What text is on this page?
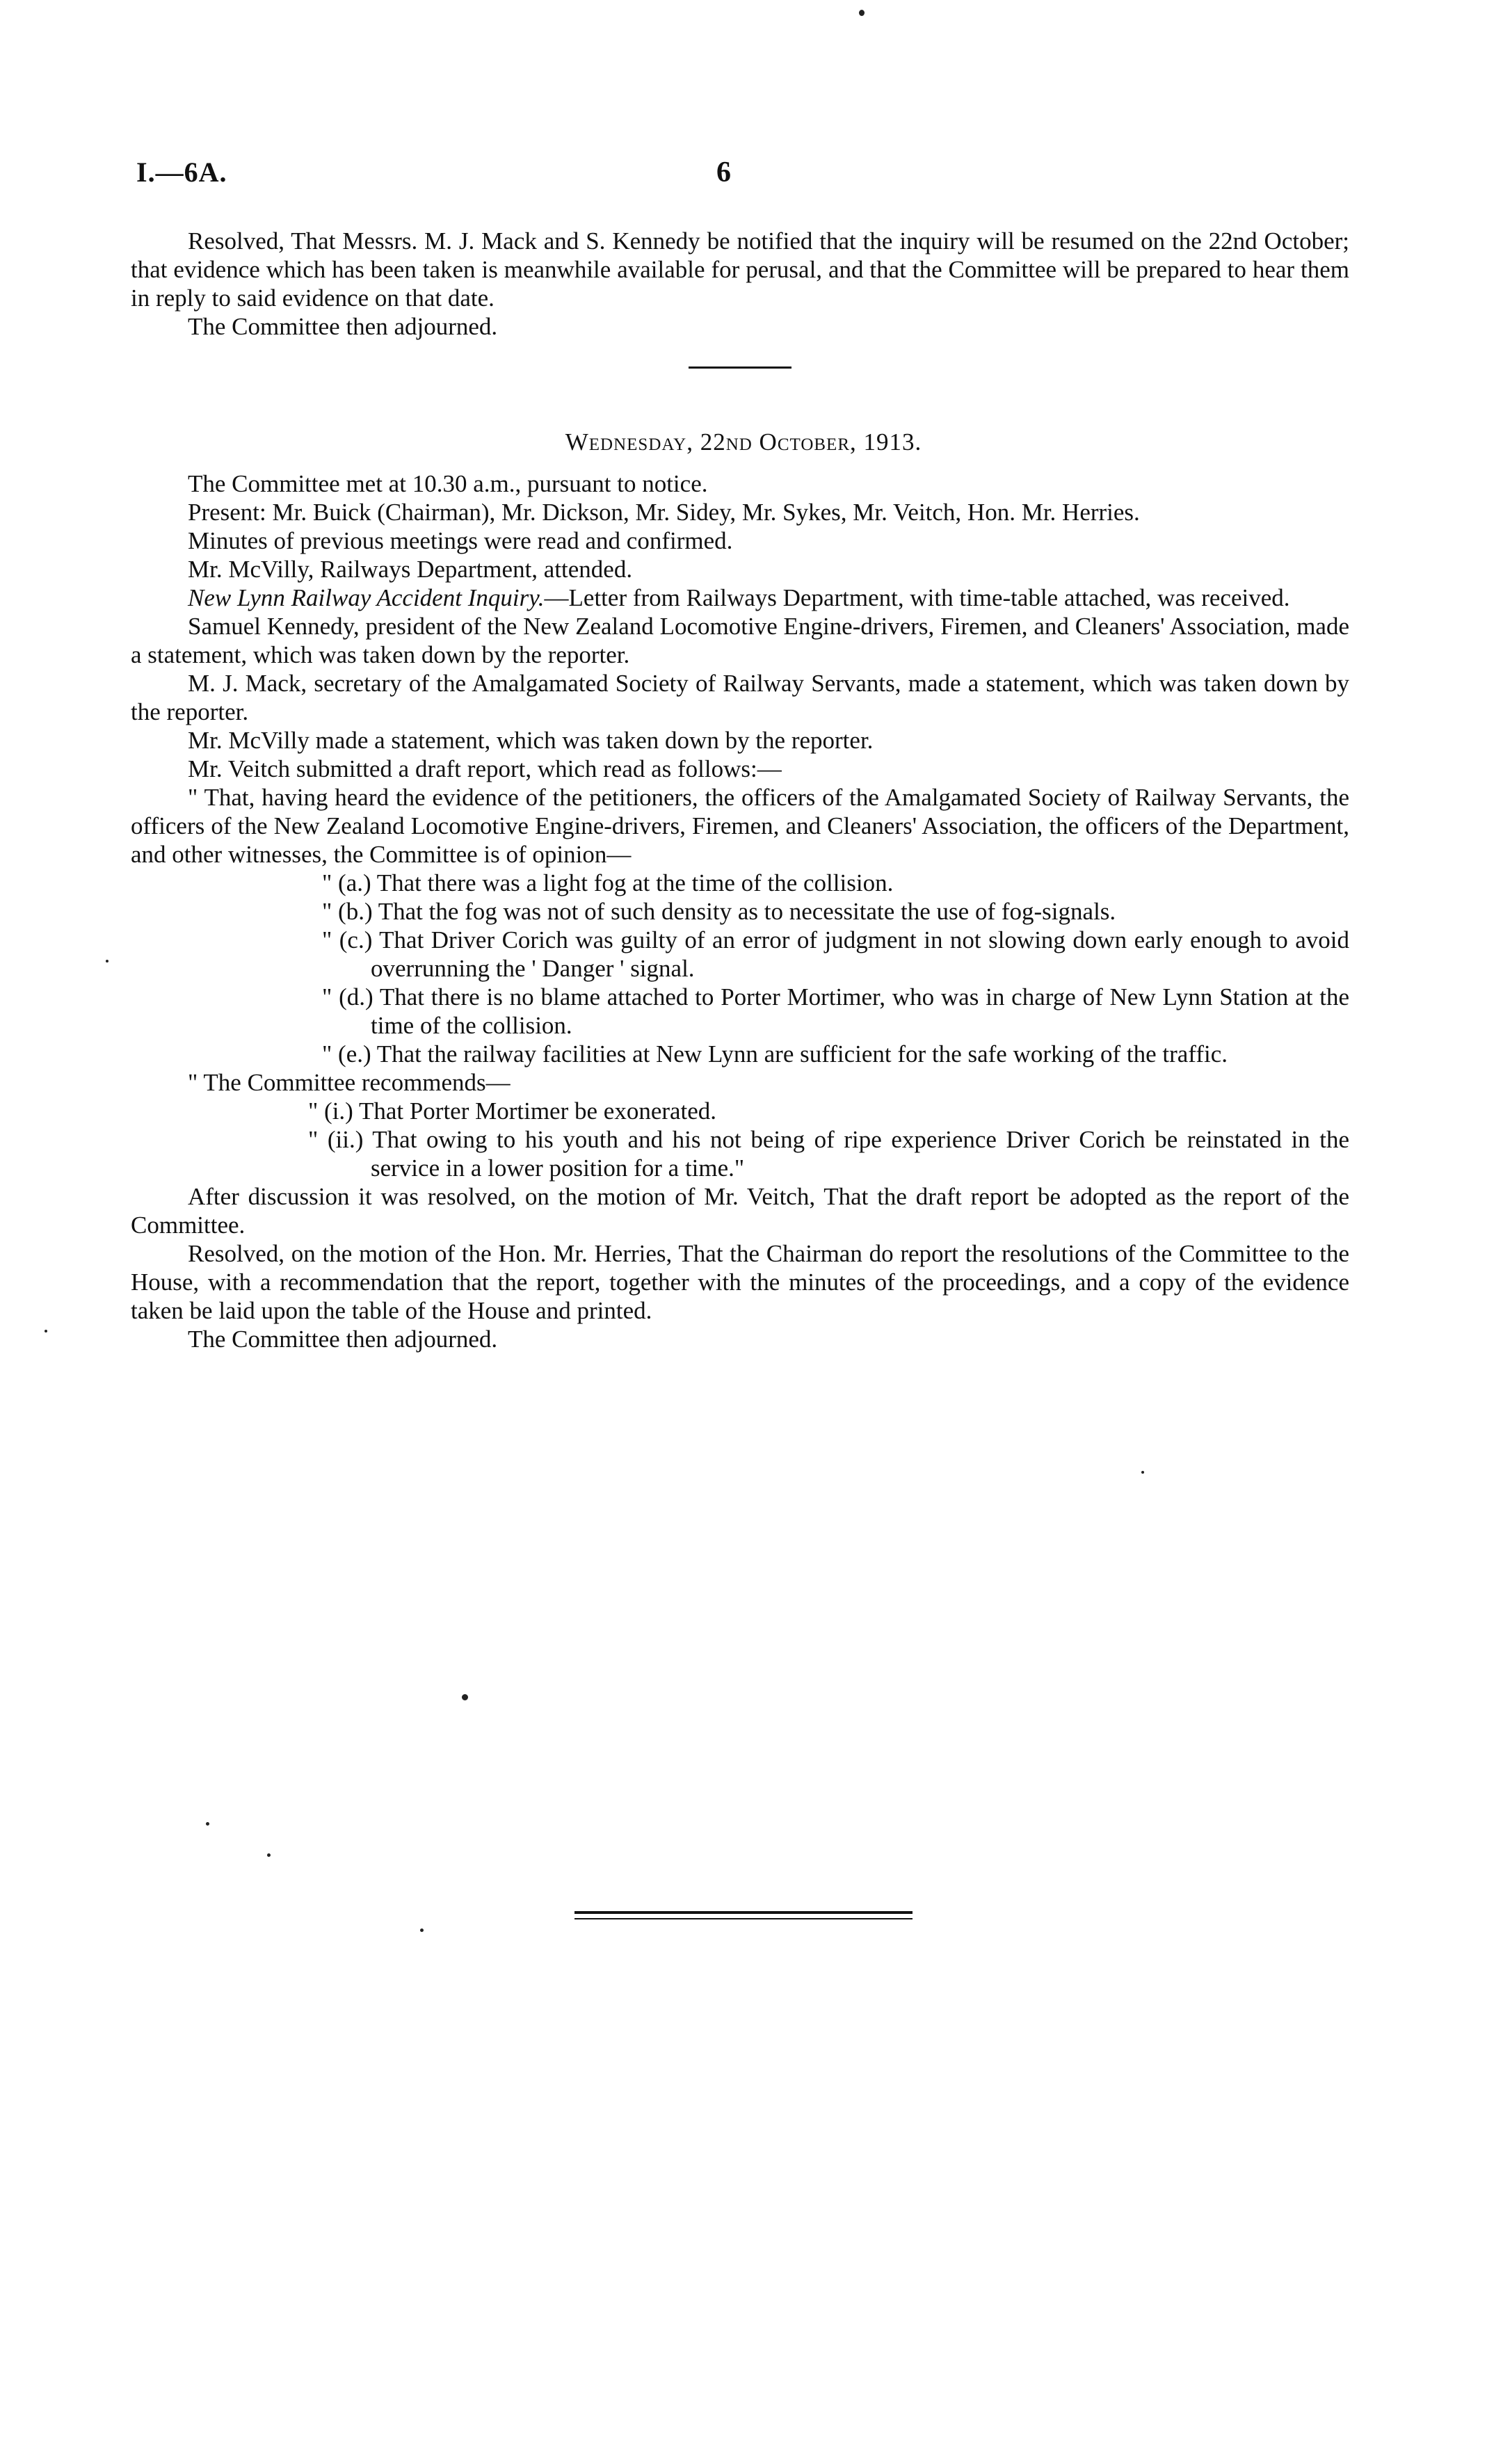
I.—6A.	6

Resolved, That Messrs. M. J. Mack and S. Kennedy be notified that the inquiry will be resumed on the 22nd October; that evidence which has been taken is meanwhile available for perusal, and that the Committee will be prepared to hear them in reply to said evidence on that date.

The Committee then adjourned.

Wednesday, 22nd October, 1913.

The Committee met at 10.30 a.m., pursuant to notice.

Present: Mr. Buick (Chairman), Mr. Dickson, Mr. Sidey, Mr. Sykes, Mr. Veitch, Hon. Mr. Herries.

Minutes of previous meetings were read and confirmed.

Mr. McVilly, Railways Department, attended.

New Lynn Railway Accident Inquiry.—Letter from Railways Department, with time-table attached, was received.

Samuel Kennedy, president of the New Zealand Locomotive Engine-drivers, Firemen, and Cleaners' Association, made a statement, which was taken down by the reporter.

M. J. Mack, secretary of the Amalgamated Society of Railway Servants, made a statement, which was taken down by the reporter.

Mr. McVilly made a statement, which was taken down by the reporter.

Mr. Veitch submitted a draft report, which read as follows:—

" That, having heard the evidence of the petitioners, the officers of the Amalgamated Society of Railway Servants, the officers of the New Zealand Locomotive Engine-drivers, Firemen, and Cleaners' Association, the officers of the Department, and other witnesses, the Committee is of opinion—

" (a.) That there was a light fog at the time of the collision.

" (b.) That the fog was not of such density as to necessitate the use of fog-signals.

" (c.) That Driver Corich was guilty of an error of judgment in not slowing down early enough to avoid overrunning the ' Danger ' signal.

" (d.) That there is no blame attached to Porter Mortimer, who was in charge of New Lynn Station at the time of the collision.

" (e.) That the railway facilities at New Lynn are sufficient for the safe working of the traffic.

" The Committee recommends—

" (i.) That Porter Mortimer be exonerated.

" (ii.) That owing to his youth and his not being of ripe experience Driver Corich be reinstated in the service in a lower position for a time."

After discussion it was resolved, on the motion of Mr. Veitch, That the draft report be adopted as the report of the Committee.

Resolved, on the motion of the Hon. Mr. Herries, That the Chairman do report the resolutions of the Committee to the House, with a recommendation that the report, together with the minutes of the proceedings, and a copy of the evidence taken be laid upon the table of the House and printed.

The Committee then adjourned.
